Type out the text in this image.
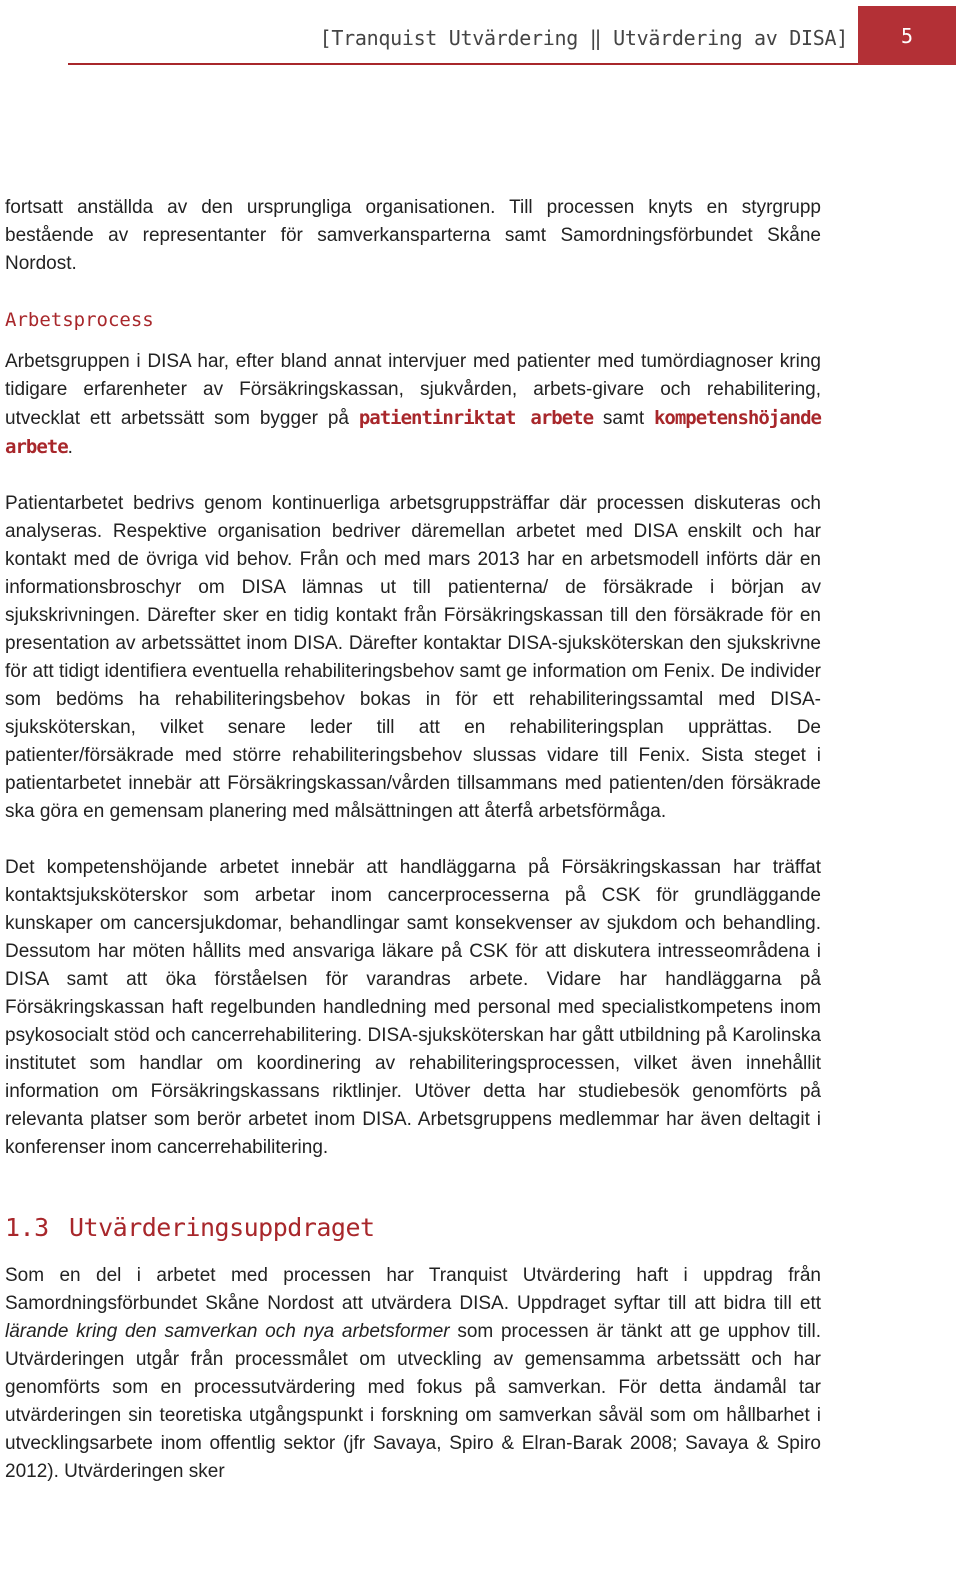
[Tranquist Utvärdering ‖ Utvärdering av DISA]	5

fortsatt anställda av den ursprungliga organisationen. Till processen knyts en styrgrupp bestående av representanter för samverkansparterna samt Samordningsförbundet Skåne Nordost.

Arbetsprocess

Arbetsgruppen i DISA har, efter bland annat intervjuer med patienter med tumördiagnoser kring tidigare erfarenheter av Försäkringskassan, sjukvården, arbets-givare och rehabilitering, utvecklat ett arbetssätt som bygger på patientinriktat arbete samt kompetenshöjande arbete.

Patientarbetet bedrivs genom kontinuerliga arbetsgruppsträffar där processen diskuteras och analyseras. Respektive organisation bedriver däremellan arbetet med DISA enskilt och har kontakt med de övriga vid behov. Från och med mars 2013 har en arbetsmodell införts där en informationsbroschyr om DISA lämnas ut till patienterna/ de försäkrade i början av sjukskrivningen. Därefter sker en tidig kontakt från Försäkringskassan till den försäkrade för en presentation av arbetssättet inom DISA. Därefter kontaktar DISA-sjuksköterskan den sjukskrivne för att tidigt identifiera eventuella rehabiliteringsbehov samt ge information om Fenix. De individer som bedöms ha rehabiliteringsbehov bokas in för ett rehabiliteringssamtal med DISA-sjuksköterskan, vilket senare leder till att en rehabiliteringsplan upprättas. De patienter/försäkrade med större rehabiliteringsbehov slussas vidare till Fenix. Sista steget i patientarbetet innebär att Försäkringskassan/vården tillsammans med patienten/den försäkrade ska göra en gemensam planering med målsättningen att återfå arbetsförmåga.

Det kompetenshöjande arbetet innebär att handläggarna på Försäkringskassan har träffat kontaktsjuksköterskor som arbetar inom cancerprocesserna på CSK för grundläggande kunskaper om cancersjukdomar, behandlingar samt konsekvenser av sjukdom och behandling. Dessutom har möten hållits med ansvariga läkare på CSK för att diskutera intresseområdena i DISA samt att öka förståelsen för varandras arbete. Vidare har handläggarna på Försäkringskassan haft regelbunden handledning med personal med specialistkompetens inom psykosocialt stöd och cancerrehabilitering. DISA-sjuksköterskan har gått utbildning på Karolinska institutet som handlar om koordinering av rehabiliteringsprocessen, vilket även innehållit information om Försäkringskassans riktlinjer. Utöver detta har studiebesök genomförts på relevanta platser som berör arbetet inom DISA. Arbetsgruppens medlemmar har även deltagit i konferenser inom cancerrehabilitering.

1.3 Utvärderingsuppdraget

Som en del i arbetet med processen har Tranquist Utvärdering haft i uppdrag från Samordningsförbundet Skåne Nordost att utvärdera DISA. Uppdraget syftar till att bidra till ett lärande kring den samverkan och nya arbetsformer som processen är tänkt att ge upphov till. Utvärderingen utgår från processmålet om utveckling av gemensamma arbetssätt och har genomförts som en processutvärdering med fokus på samverkan. För detta ändamål tar utvärderingen sin teoretiska utgångspunkt i forskning om samverkan såväl som om hållbarhet i utvecklingsarbete inom offentlig sektor (jfr Savaya, Spiro & Elran-Barak 2008; Savaya & Spiro 2012). Utvärderingen sker
